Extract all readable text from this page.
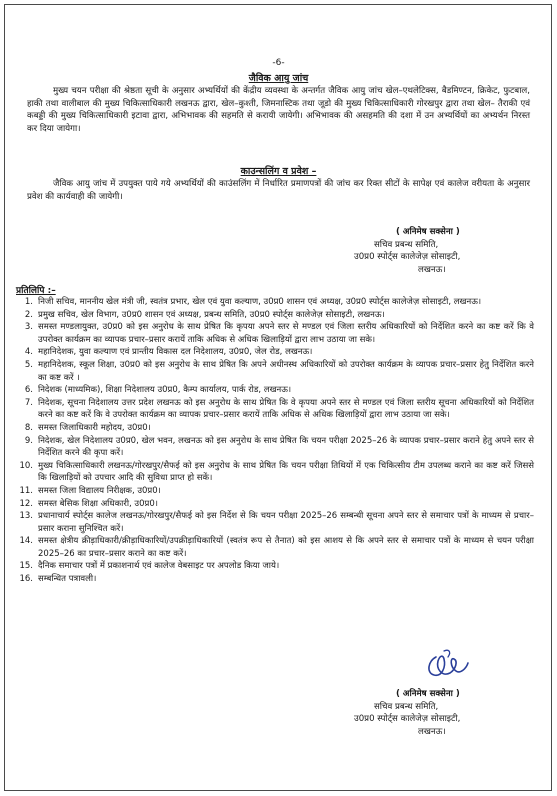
-6-
जैविक आयु जांच
मुख्य चयन परीक्षा की श्रेष्ठता सूची के अनुसार अभ्यर्थियों की केंद्रीय व्यवस्था के अन्तर्गत जैविक आयु जांच खेल–एथलेटिक्स, बैडमिण्टन, क्रिकेट, फुटबाल, हाकी तथा वालीबाल की मुख्य चिकित्साधिकारी लखनऊ द्वारा, खेल–कुश्ती, जिमनास्टिक तथा जूडो की मुख्य चिकित्साधिकारी गोरखपुर द्वारा तथा खेल– तैराकी एवं कबड्डी की मुख्य चिकित्साधिकारी इटावा द्वारा, अभिभावक की सहमति से करायी जायेगी। अभिभावक की असहमति की दशा में उन अभ्यर्थियों का अभ्यर्थन निरस्त कर दिया जायेगा।
काउन्सलिंग व प्रवेश –
जैविक आयु जांच में उपयुक्त पाये गये अभ्यर्थियों की काउंसलिंग में निर्धारित प्रमाणपत्रों की जांच कर रिक्त सीटों के सापेक्ष एवं कालेज वरीयता के अनुसार प्रवेश की कार्यवाही की जायेगी।
( अनिमेष सक्सेना )
सचिव प्रबन्ध समिति,
उ0प्र0 स्पोर्ट्स कालेजेज़ सोसाइटी,
लखनऊ।
प्रतिलिपि :–
1. निजी सचिव, माननीय खेल मंत्री जी, स्वतंत्र प्रभार, खेल एवं युवा कल्याण, उ0प्र0 शासन एवं अध्यक्ष, उ0प्र0 स्पोर्ट्स कालेजेज़ सोसाइटी, लखनऊ।
2. प्रमुख सचिव, खेल विभाग, उ0प्र0 शासन एवं अध्यक्ष, प्रबन्ध समिति, उ0प्र0 स्पोर्ट्स कालेजेज़ सोसाइटी, लखनऊ।
3. समस्त मण्डलायुक्त, उ0प्र0 को इस अनुरोध के साथ प्रेषित कि कृपया अपने स्तर से मण्डल एवं जिला स्तरीय अधिकारियों को निर्देशित करने का कष्ट करें कि वे उपरोक्त कार्यक्रम का व्यापक प्रचार–प्रसार करायें ताकि अधिक से अधिक खिलाड़ियों द्वारा लाभ उठाया जा सके।
4. महानिदेशक, युवा कल्याण एवं प्रान्तीय विकास दल निदेशालय, उ0प्र0, जेल रोड, लखनऊ।
5. महानिदेशक, स्कूल शिक्षा, उ0प्र0 को इस अनुरोध के साथ प्रेषित कि अपने अधीनस्थ अधिकारियों को उपरोक्त कार्यक्रम के व्यापक प्रचार–प्रसार हेतु निर्देशित करने का कष्ट करें ।
6. निदेशक (माध्यमिक), शिक्षा निदेशालय उ0प्र0, कैम्प कार्यालय, पार्क रोड, लखनऊ।
7. निदेशक, सूचना निदेशालय उत्तर प्रदेश लखनऊ को इस अनुरोध के साथ प्रेषित कि वे कृपया अपने स्तर से मण्डल एवं जिला स्तरीय सूचना अधिकारियों को निर्देशित करने का कष्ट करें कि वे उपरोक्त कार्यक्रम का व्यापक प्रचार–प्रसार करायें ताकि अधिक से अधिक खिलाड़ियों द्वारा लाभ उठाया जा सके।
8. समस्त जिलाधिकारी महोदय, उ0प्र0।
9. निदेशक, खेल निदेशालय उ0प्र0, खेल भवन, लखनऊ को इस अनुरोध के साथ प्रेषित कि चयन परीक्षा 2025–26 के व्यापक प्रचार–प्रसार कराने हेतु अपने स्तर से निर्देशित करने की कृपा करें।
10. मुख्य चिकित्साधिकारी लखनऊ/गोरखपुर/सैफई को इस अनुरोध के साथ प्रेषित कि चयन परीक्षा तिथियों में एक चिकित्सीय टीम उपलब्ध कराने का कष्ट करें जिससे कि खिलाड़ियों को उपचार आदि की सुविधा प्राप्त हो सकें।
11. समस्त जिला विद्यालय निरीक्षक, उ0प्र0।
12. समस्त बेसिक शिक्षा अधिकारी, उ0प्र0।
13. प्रधानाचार्य स्पोर्ट्स कालेज लखनऊ/गोरखपुर/सैफई को इस निर्देश से कि चयन परीक्षा 2025–26 सम्बन्धी सूचना अपने स्तर से समाचार पत्रों के माध्यम से प्रचार–प्रसार कराना सुनिश्चित करें।
14. समस्त क्षेत्रीय क्रीड़ाधिकारी/क्रीड़ाधिकारियों/उपक्रीड़ाधिकारियों (स्वतंत्र रूप से तैनात) को इस आशय से कि अपने स्तर से समाचार पत्रों के माध्यम से चयन परीक्षा 2025–26 का प्रचार–प्रसार कराने का कष्ट करें।
15. दैनिक समाचार पत्रों में प्रकाशनार्थ एवं कालेज वेबसाइट पर अपलोड किया जाये।
16. सम्बन्धित पत्रावली।
( अनिमेष सक्सेना )
सचिव प्रबन्ध समिति,
उ0प्र0 स्पोर्ट्स कालेजेज़ सोसाइटी,
लखनऊ।
